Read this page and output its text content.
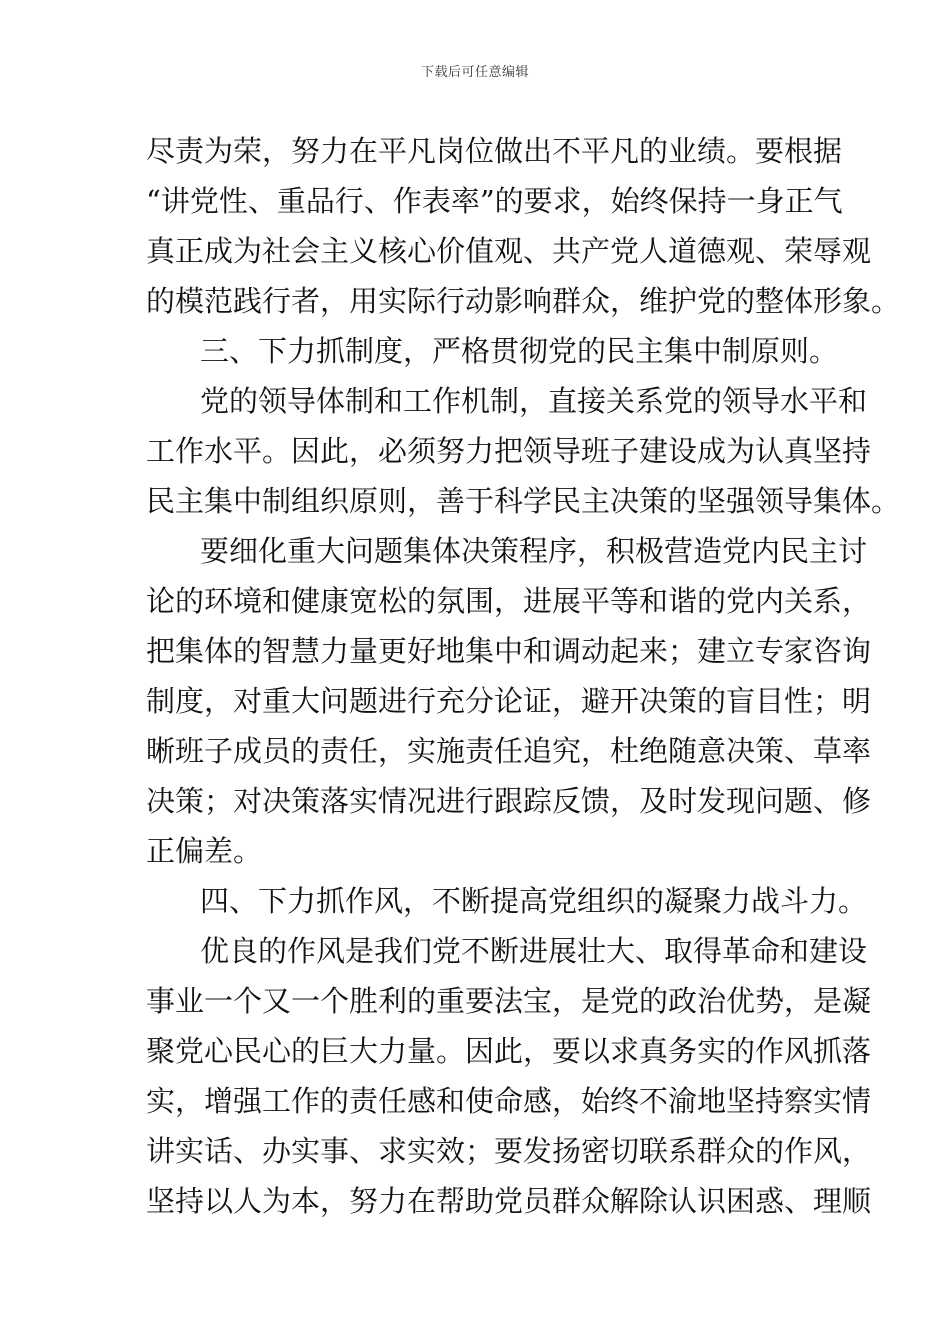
下载后可任意编辑
尽责为荣，努力在平凡岗位做出不平凡的业绩。要根据
“讲党性、重品行、作表率”的要求，始终保持一身正气
真正成为社会主义核心价值观、共产党人道德观、荣辱观
的模范践行者，用实际行动影响群众，维护党的整体形象。
三、下力抓制度，严格贯彻党的民主集中制原则。
党的领导体制和工作机制，直接关系党的领导水平和
工作水平。因此，必须努力把领导班子建设成为认真坚持
民主集中制组织原则，善于科学民主决策的坚强领导集体。
要细化重大问题集体决策程序，积极营造党内民主讨
论的环境和健康宽松的氛围，进展平等和谐的党内关系，
把集体的智慧力量更好地集中和调动起来；建立专家咨询
制度，对重大问题进行充分论证，避开决策的盲目性；明
晰班子成员的责任，实施责任追究，杜绝随意决策、草率
决策；对决策落实情况进行跟踪反馈，及时发现问题、修
正偏差。
四、下力抓作风，不断提高党组织的凝聚力战斗力。
优良的作风是我们党不断进展壮大、取得革命和建设
事业一个又一个胜利的重要法宝，是党的政治优势，是凝
聚党心民心的巨大力量。因此，要以求真务实的作风抓落
实，增强工作的责任感和使命感，始终不渝地坚持察实情
讲实话、办实事、求实效；要发扬密切联系群众的作风，
坚持以人为本，努力在帮助党员群众解除认识困惑、理顺
